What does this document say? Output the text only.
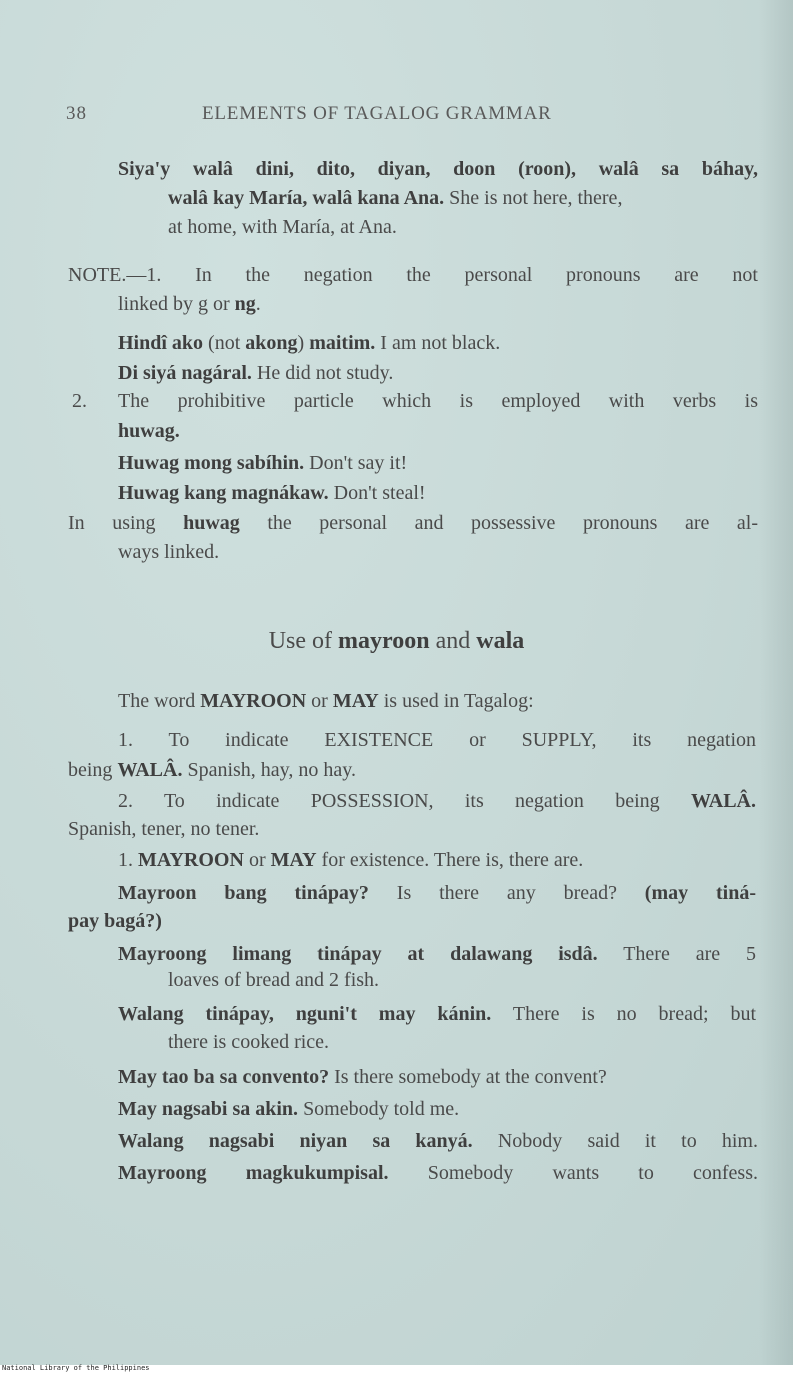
38	ELEMENTS OF TAGALOG GRAMMAR
Siya'y walâ dini, dito, diyan, doon (roon), walâ sa báhay,
walâ kay María, walâ kana Ana. She is not here, there,
at home, with María, at Ana.
NOTE.—1. In the negation the personal pronouns are not
linked by g or ng.
Hindî ako (not akong) maitim. I am not black.
Di siyá nagáral. He did not study.
2. The prohibitive particle which is employed with verbs is
huwag.
Huwag mong sabíhin. Don't say it!
Huwag kang magnákaw. Don't steal!
In using huwag the personal and possessive pronouns are al-
ways linked.
Use of mayroon and wala
The word MAYROON or MAY is used in Tagalog:
1. To indicate EXISTENCE or SUPPLY, its negation
being WALÂ. Spanish, hay, no hay.
2. To indicate POSSESSION, its negation being WALÂ.
Spanish, tener, no tener.
1. MAYROON or MAY for existence. There is, there are.
Mayroon bang tinápay? Is there any bread? (may tiná-
pay bagá?)
Mayroong limang tinápay at dalawang isdâ. There are 5
loaves of bread and 2 fish.
Walang tinápay, nguni't may kánin. There is no bread; but
there is cooked rice.
May tao ba sa convento? Is there somebody at the convent?
May nagsabi sa akin. Somebody told me.
Walang nagsabi niyan sa kanyá. Nobody said it to him.
Mayroong magkukumpisal. Somebody wants to confess.
National Library of the Philippines
